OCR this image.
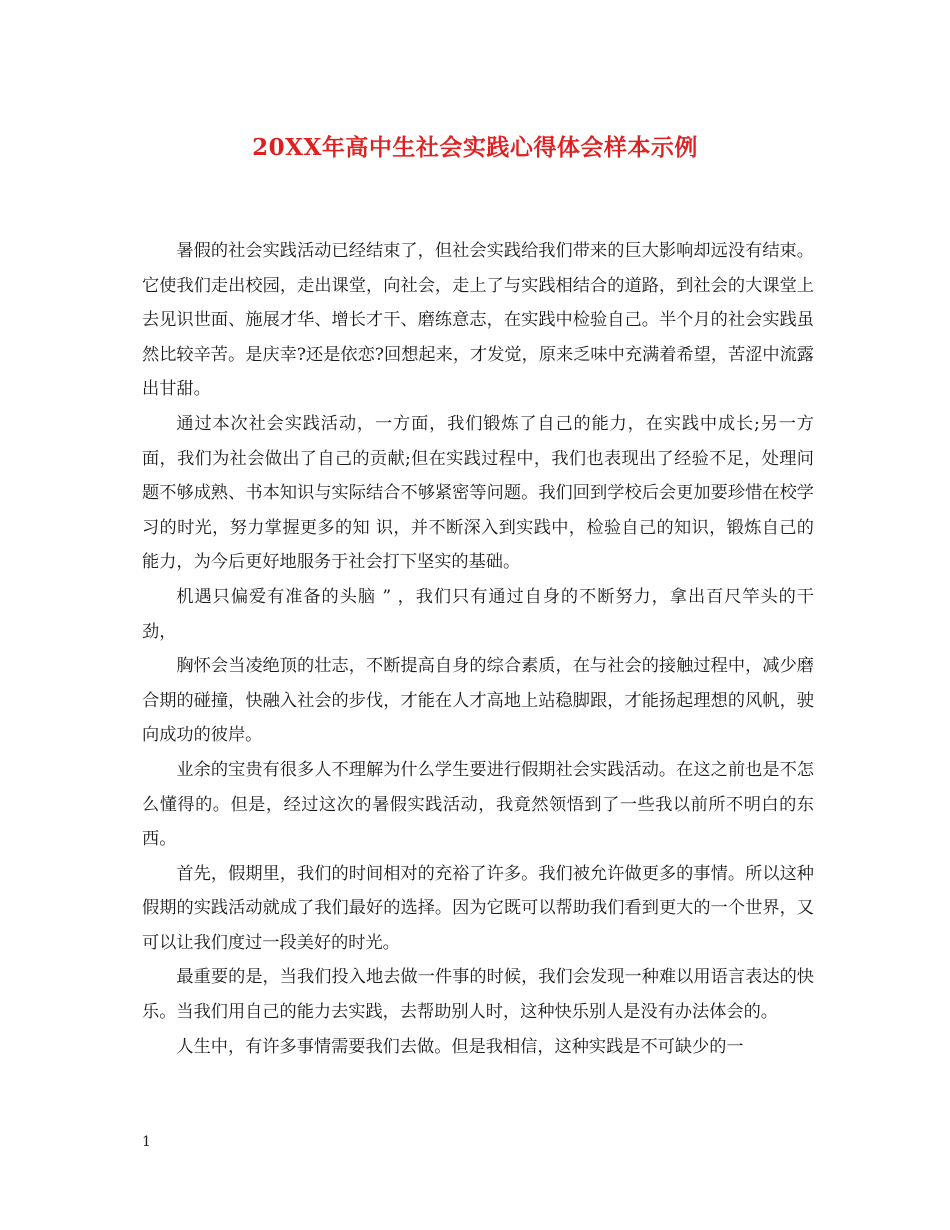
20XX年高中生社会实践心得体会样本示例

暑假的社会实践活动已经结束了，但社会实践给我们带来的巨大影响却远没有结束。它使我们走出校园，走出课堂，向社会，走上了与实践相结合的道路，到社会的大课堂上去见识世面、施展才华、增长才干、磨练意志，在实践中检验自己。半个月的社会实践虽然比较辛苦。是庆幸?还是依恋?回想起来，才发觉，原来乏味中充满着希望，苦涩中流露出甘甜。

通过本次社会实践活动，一方面，我们锻炼了自己的能力，在实践中成长;另一方面，我们为社会做出了自己的贡献;但在实践过程中，我们也表现出了经验不足，处理问题不够成熟、书本知识与实际结合不够紧密等问题。我们回到学校后会更加要珍惜在校学习的时光，努力掌握更多的知 识，并不断深入到实践中，检验自己的知识，锻炼自己的能力，为今后更好地服务于社会打下坚实的基础。

机遇只偏爱有准备的头脑 ” ，我们只有通过自身的不断努力，拿出百尺竿头的干劲，

胸怀会当凌绝顶的壮志，不断提高自身的综合素质，在与社会的接触过程中，减少磨合期的碰撞，快融入社会的步伐，才能在人才高地上站稳脚跟，才能扬起理想的风帆，驶向成功的彼岸。

业余的宝贵有很多人不理解为什么学生要进行假期社会实践活动。在这之前也是不怎么懂得的。但是，经过这次的暑假实践活动，我竟然领悟到了一些我以前所不明白的东西。

首先，假期里，我们的时间相对的充裕了许多。我们被允许做更多的事情。所以这种假期的实践活动就成了我们最好的选择。因为它既可以帮助我们看到更大的一个世界，又可以让我们度过一段美好的时光。

最重要的是，当我们投入地去做一件事的时候，我们会发现一种难以用语言表达的快乐。当我们用自己的能力去实践，去帮助别人时，这种快乐别人是没有办法体会的。

人生中，有许多事情需要我们去做。但是我相信，这种实践是不可缺少的一

1
